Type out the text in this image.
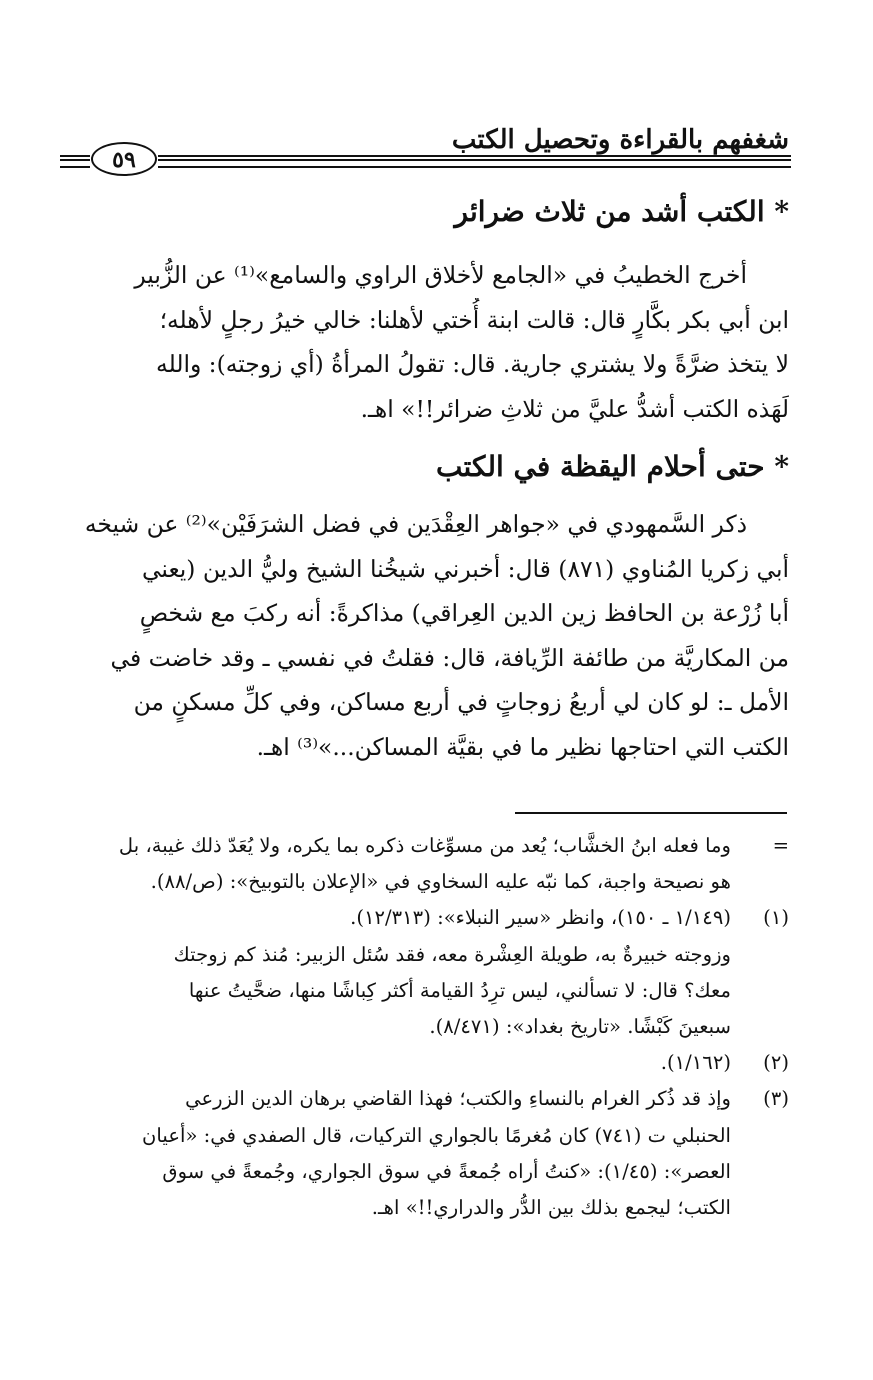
شغفهم بالقراءة وتحصيل الكتب
٥٩
* الكتب أشد من ثلاث ضرائر

أخرج الخطيبُ في «الجامع لأخلاق الراوي والسامع»⁽¹⁾ عن الزُّبير

ابن أبي بكر بكَّارٍ قال: قالت ابنة أُختي لأهلنا: خالي خيرُ رجلٍ لأهله؛

لا يتخذ ضرَّةً ولا يشتري جارية. قال: تقولُ المرأةُ (أي زوجته): والله

لَهَذه الكتب أشدُّ عليَّ من ثلاثِ ضرائر!!» اهـ.

* حتى أحلام اليقظة في الكتب

ذكر السَّمهودي في «جواهر العِقْدَين في فضل الشرَفَيْن»⁽²⁾ عن شيخه

أبي زكريا المُناوي (٨٧١) قال: أخبرني شيخُنا الشيخ وليُّ الدين (يعني

أبا زُرْعة بن الحافظ زين الدين العِراقي) مذاكرةً: أنه ركبَ مع شخصٍ

من المكاريَّة من طائفة الرِّيافة، قال: فقلتُ في نفسي ـ وقد خاضت في

الأمل ـ: لو كان لي أربعُ زوجاتٍ في أربع مساكن، وفي كلِّ مسكنٍ من

الكتب التي احتاجها نظير ما في بقيَّة المساكن...»⁽³⁾ اهـ.

=

وما فعله ابنُ الخشَّاب؛ يُعد من مسوِّغات ذكره بما يكره، ولا يُعَدّ ذلك غيبة، بل

هو نصيحة واجبة، كما نبّه عليه السخاوي في «الإعلان بالتوبيخ»: (ص/٨٨).

(١)

(١/١٤٩ ـ ١٥٠)، وانظر «سير النبلاء»: (١٢/٣١٣).

وزوجته خبيرةٌ به، طويلة العِشْرة معه، فقد سُئل الزبير: مُنذ كم زوجتك

معك؟ قال: لا تسألني، ليس ترِدُ القيامة أكثر كِباشًا منها، ضحَّيتُ عنها

سبعينَ كَبْشًا. «تاريخ بغداد»: (٨/٤٧١).

(٢)

(١/١٦٢).

(٣)

وإذ قد ذُكر الغرام بالنساءِ والكتب؛ فهذا القاضي برهان الدين الزرعي

الحنبلي ت (٧٤١) كان مُغرمًا بالجواري التركيات، قال الصفدي في: «أعيان

العصر»: (١/٤٥): «كنتُ أراه جُمعةً في سوق الجواري، وجُمعةً في سوق

الكتب؛ ليجمع بذلك بين الدُّر والدراري!!» اهـ.
